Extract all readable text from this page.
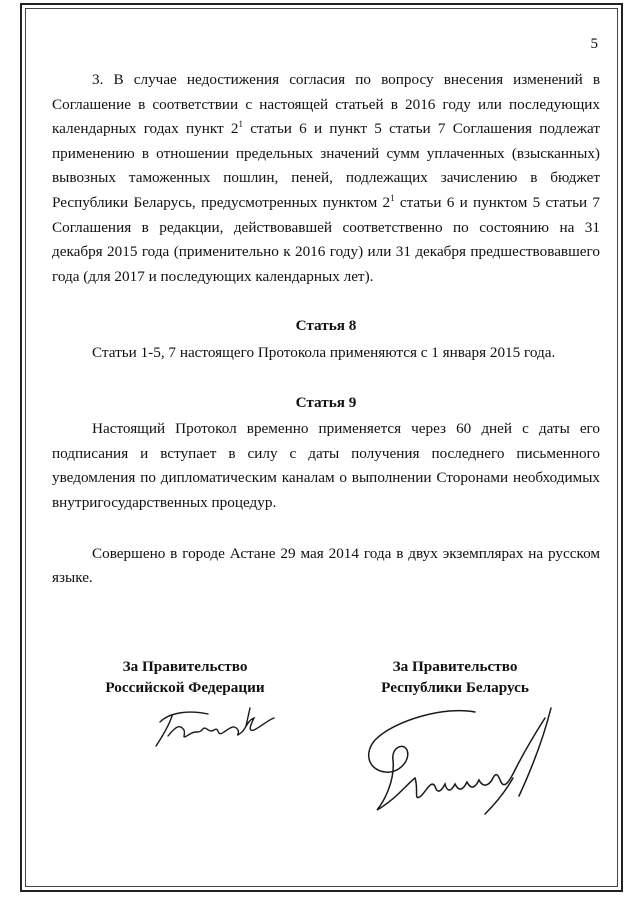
5

3. В случае недостижения согласия по вопросу внесения изменений в Соглашение в соответствии с настоящей статьей в 2016 году или последующих календарных годах пункт $2^1$ статьи 6 и пункт 5 статьи 7 Соглашения подлежат применению в отношении предельных значений сумм уплаченных (взысканных) вывозных таможенных пошлин, пеней, подлежащих зачислению в бюджет Республики Беларусь, предусмотренных пунктом $2^1$ статьи 6 и пунктом 5 статьи 7 Соглашения в редакции, действовавшей соответственно по состоянию на 31 декабря 2015 года (применительно к 2016 году) или 31 декабря предшествовавшего года (для 2017 и последующих календарных лет).

Статья 8

Статьи 1-5, 7 настоящего Протокола применяются с 1 января 2015 года.

Статья 9

Настоящий Протокол временно применяется через 60 дней с даты его подписания и вступает в силу с даты получения последнего письменного уведомления по дипломатическим каналам о выполнении Сторонами необходимых внутригосударственных процедур.

Совершено в городе Астане 29 мая 2014 года в двух экземплярах на русском языке.

За Правительство
Российской Федерации
За Правительство
Республики Беларусь
